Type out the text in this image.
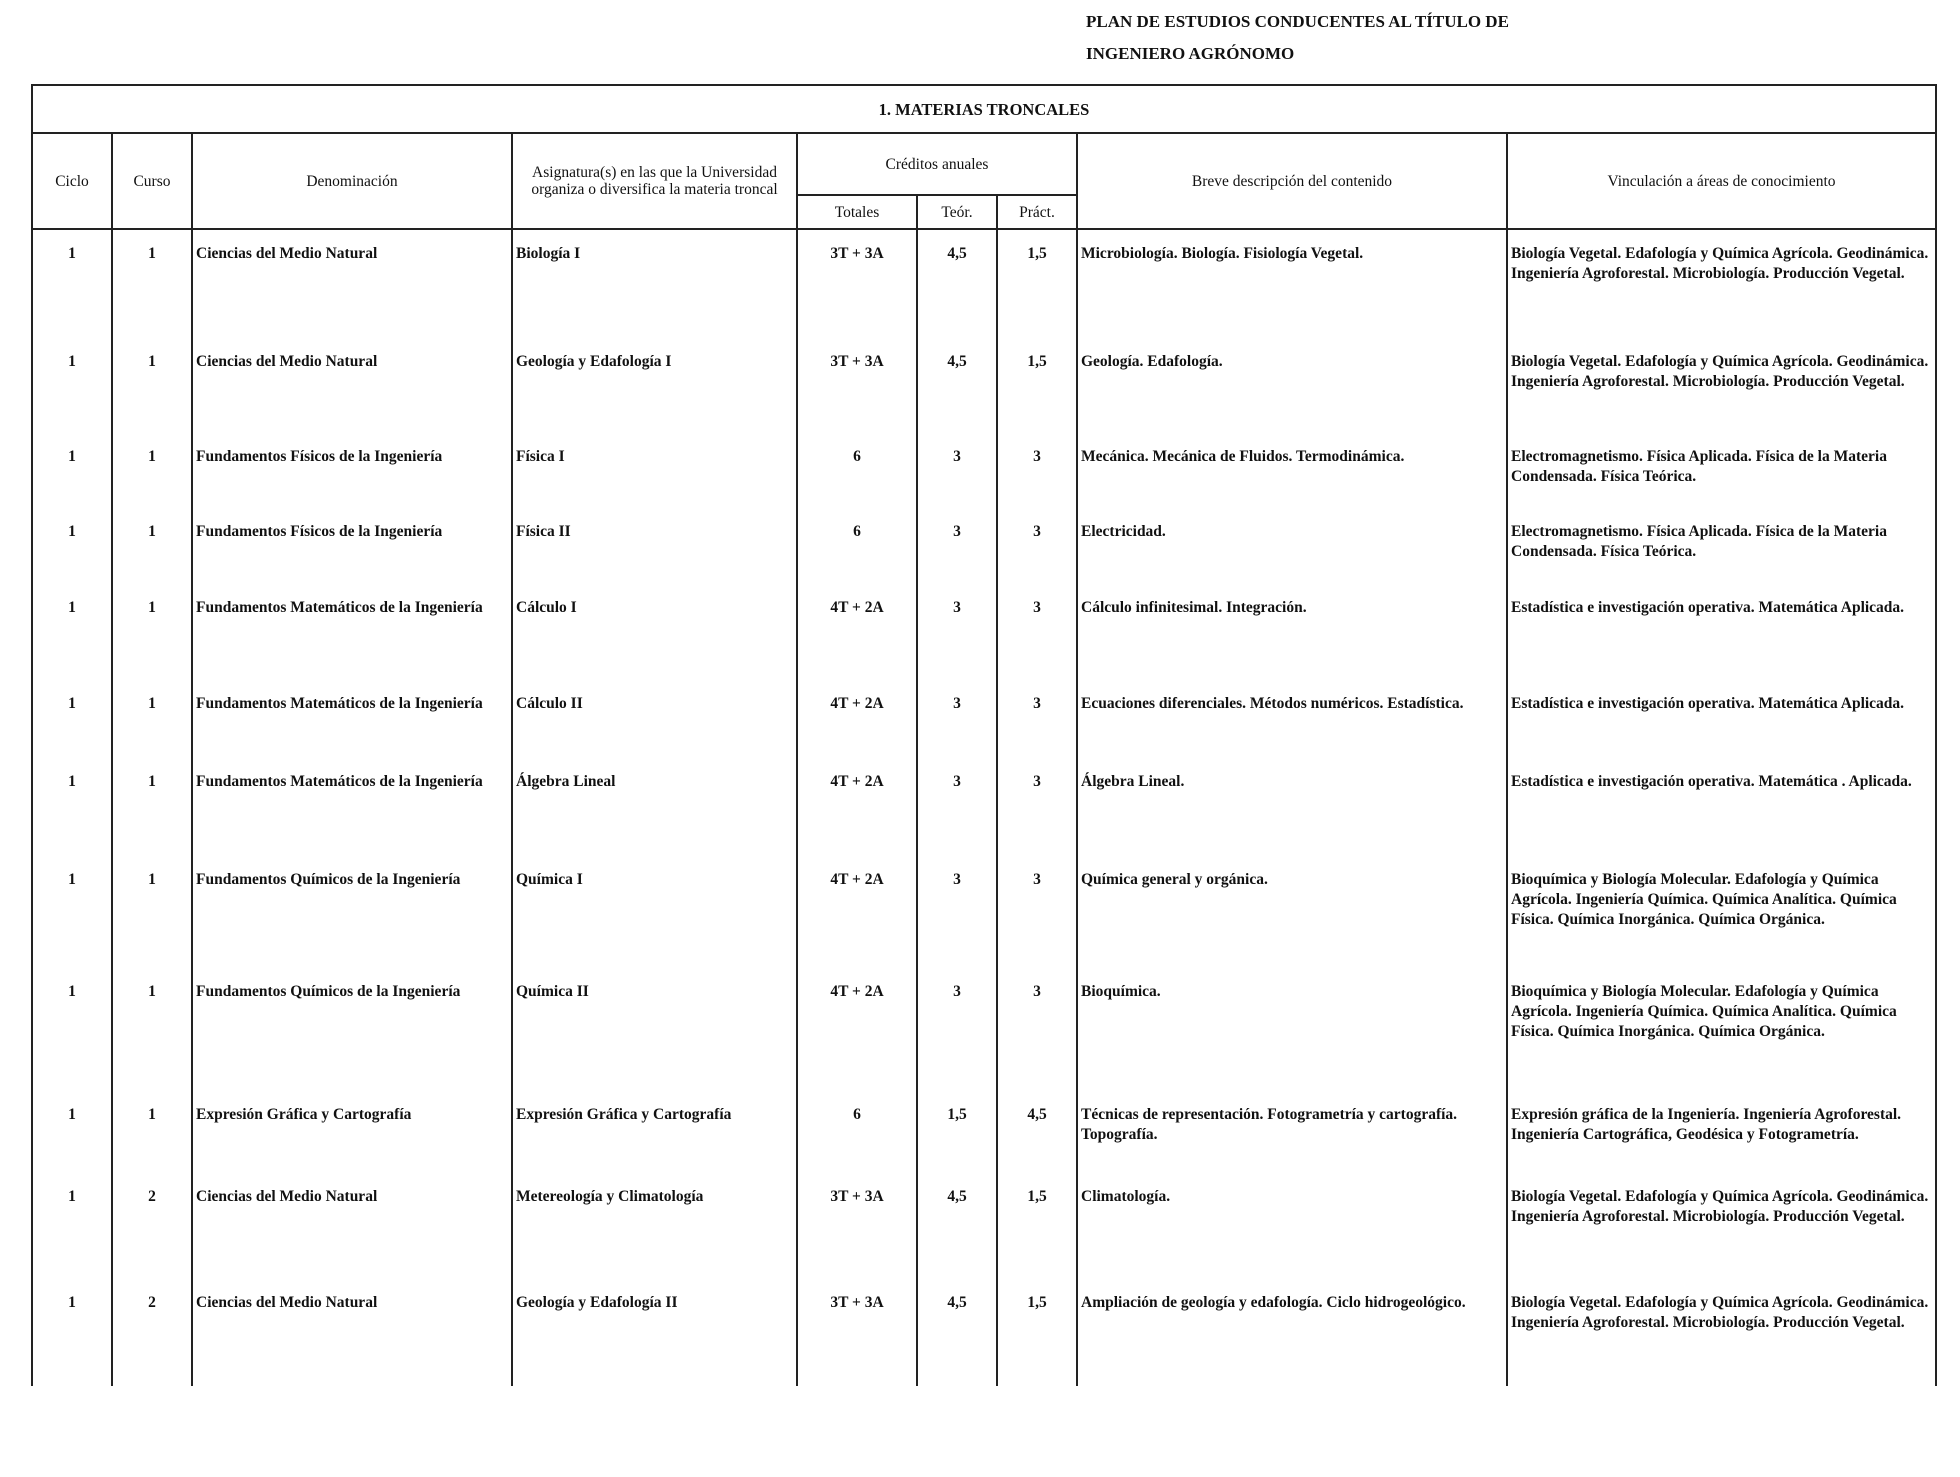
PLAN DE ESTUDIOS CONDUCENTES AL TÍTULO DE
INGENIERO AGRÓNOMO
1. MATERIAS TRONCALES								
Ciclo	Curso	Denominación	Asignatura(s) en las que la Universidad organiza o diversifica la materia troncal	Créditos anuales			Breve descripción del contenido	Vinculación a áreas de conocimiento
				Totales	Teór.	Práct.		
1	1	Ciencias del Medio Natural	Biología I	3T + 3A	4,5	1,5	Microbiología. Biología. Fisiología Vegetal.	Biología Vegetal. Edafología y Química Agrícola. Geodinámica. Ingeniería Agroforestal. Microbiología. Producción Vegetal.
1	1	Ciencias del Medio Natural	Geología y Edafología I	3T + 3A	4,5	1,5	Geología. Edafología.	Biología Vegetal. Edafología y Química Agrícola. Geodinámica. Ingeniería Agroforestal. Microbiología. Producción Vegetal.
1	1	Fundamentos Físicos de la Ingeniería	Física I	6	3	3	Mecánica. Mecánica de Fluidos. Termodinámica.	Electromagnetismo. Física Aplicada. Física de la Materia Condensada. Física Teórica.
1	1	Fundamentos Físicos de la Ingeniería	Física II	6	3	3	Electricidad.	Electromagnetismo. Física Aplicada. Física de la Materia Condensada. Física Teórica.
1	1	Fundamentos Matemáticos de la Ingeniería	Cálculo I	4T + 2A	3	3	Cálculo infinitesimal. Integración.	Estadística e investigación operativa. Matemática Aplicada.
1	1	Fundamentos Matemáticos de la Ingeniería	Cálculo II	4T + 2A	3	3	Ecuaciones diferenciales. Métodos numéricos. Estadística.	Estadística e investigación operativa. Matemática Aplicada.
1	1	Fundamentos Matemáticos de la Ingeniería	Álgebra Lineal	4T + 2A	3	3	Álgebra Lineal.	Estadística e investigación operativa. Matemática . Aplicada.
1	1	Fundamentos Químicos de la Ingeniería	Química I	4T + 2A	3	3	Química general y orgánica.	Bioquímica y Biología Molecular. Edafología y Química Agrícola. Ingeniería Química. Química Analítica. Química Física. Química Inorgánica. Química Orgánica.
1	1	Fundamentos Químicos de la Ingeniería	Química II	4T + 2A	3	3	Bioquímica.	Bioquímica y Biología Molecular. Edafología y Química Agrícola. Ingeniería Química. Química Analítica. Química Física. Química Inorgánica. Química Orgánica.
1	1	Expresión Gráfica y Cartografía	Expresión Gráfica y Cartografía	6	1,5	4,5	Técnicas de representación. Fotogrametría y cartografía. Topografía.	Expresión gráfica de la Ingeniería. Ingeniería Agroforestal. Ingeniería Cartográfica, Geodésica y Fotogrametría.
1	2	Ciencias del Medio Natural	Metereología y Climatología	3T + 3A	4,5	1,5	Climatología.	Biología Vegetal. Edafología y Química Agrícola. Geodinámica. Ingeniería Agroforestal. Microbiología. Producción Vegetal.
1	2	Ciencias del Medio Natural	Geología y Edafología II	3T + 3A	4,5	1,5	Ampliación de geología y edafología. Ciclo hidrogeológico.	Biología Vegetal. Edafología y Química Agrícola. Geodinámica. Ingeniería Agroforestal. Microbiología. Producción Vegetal.
